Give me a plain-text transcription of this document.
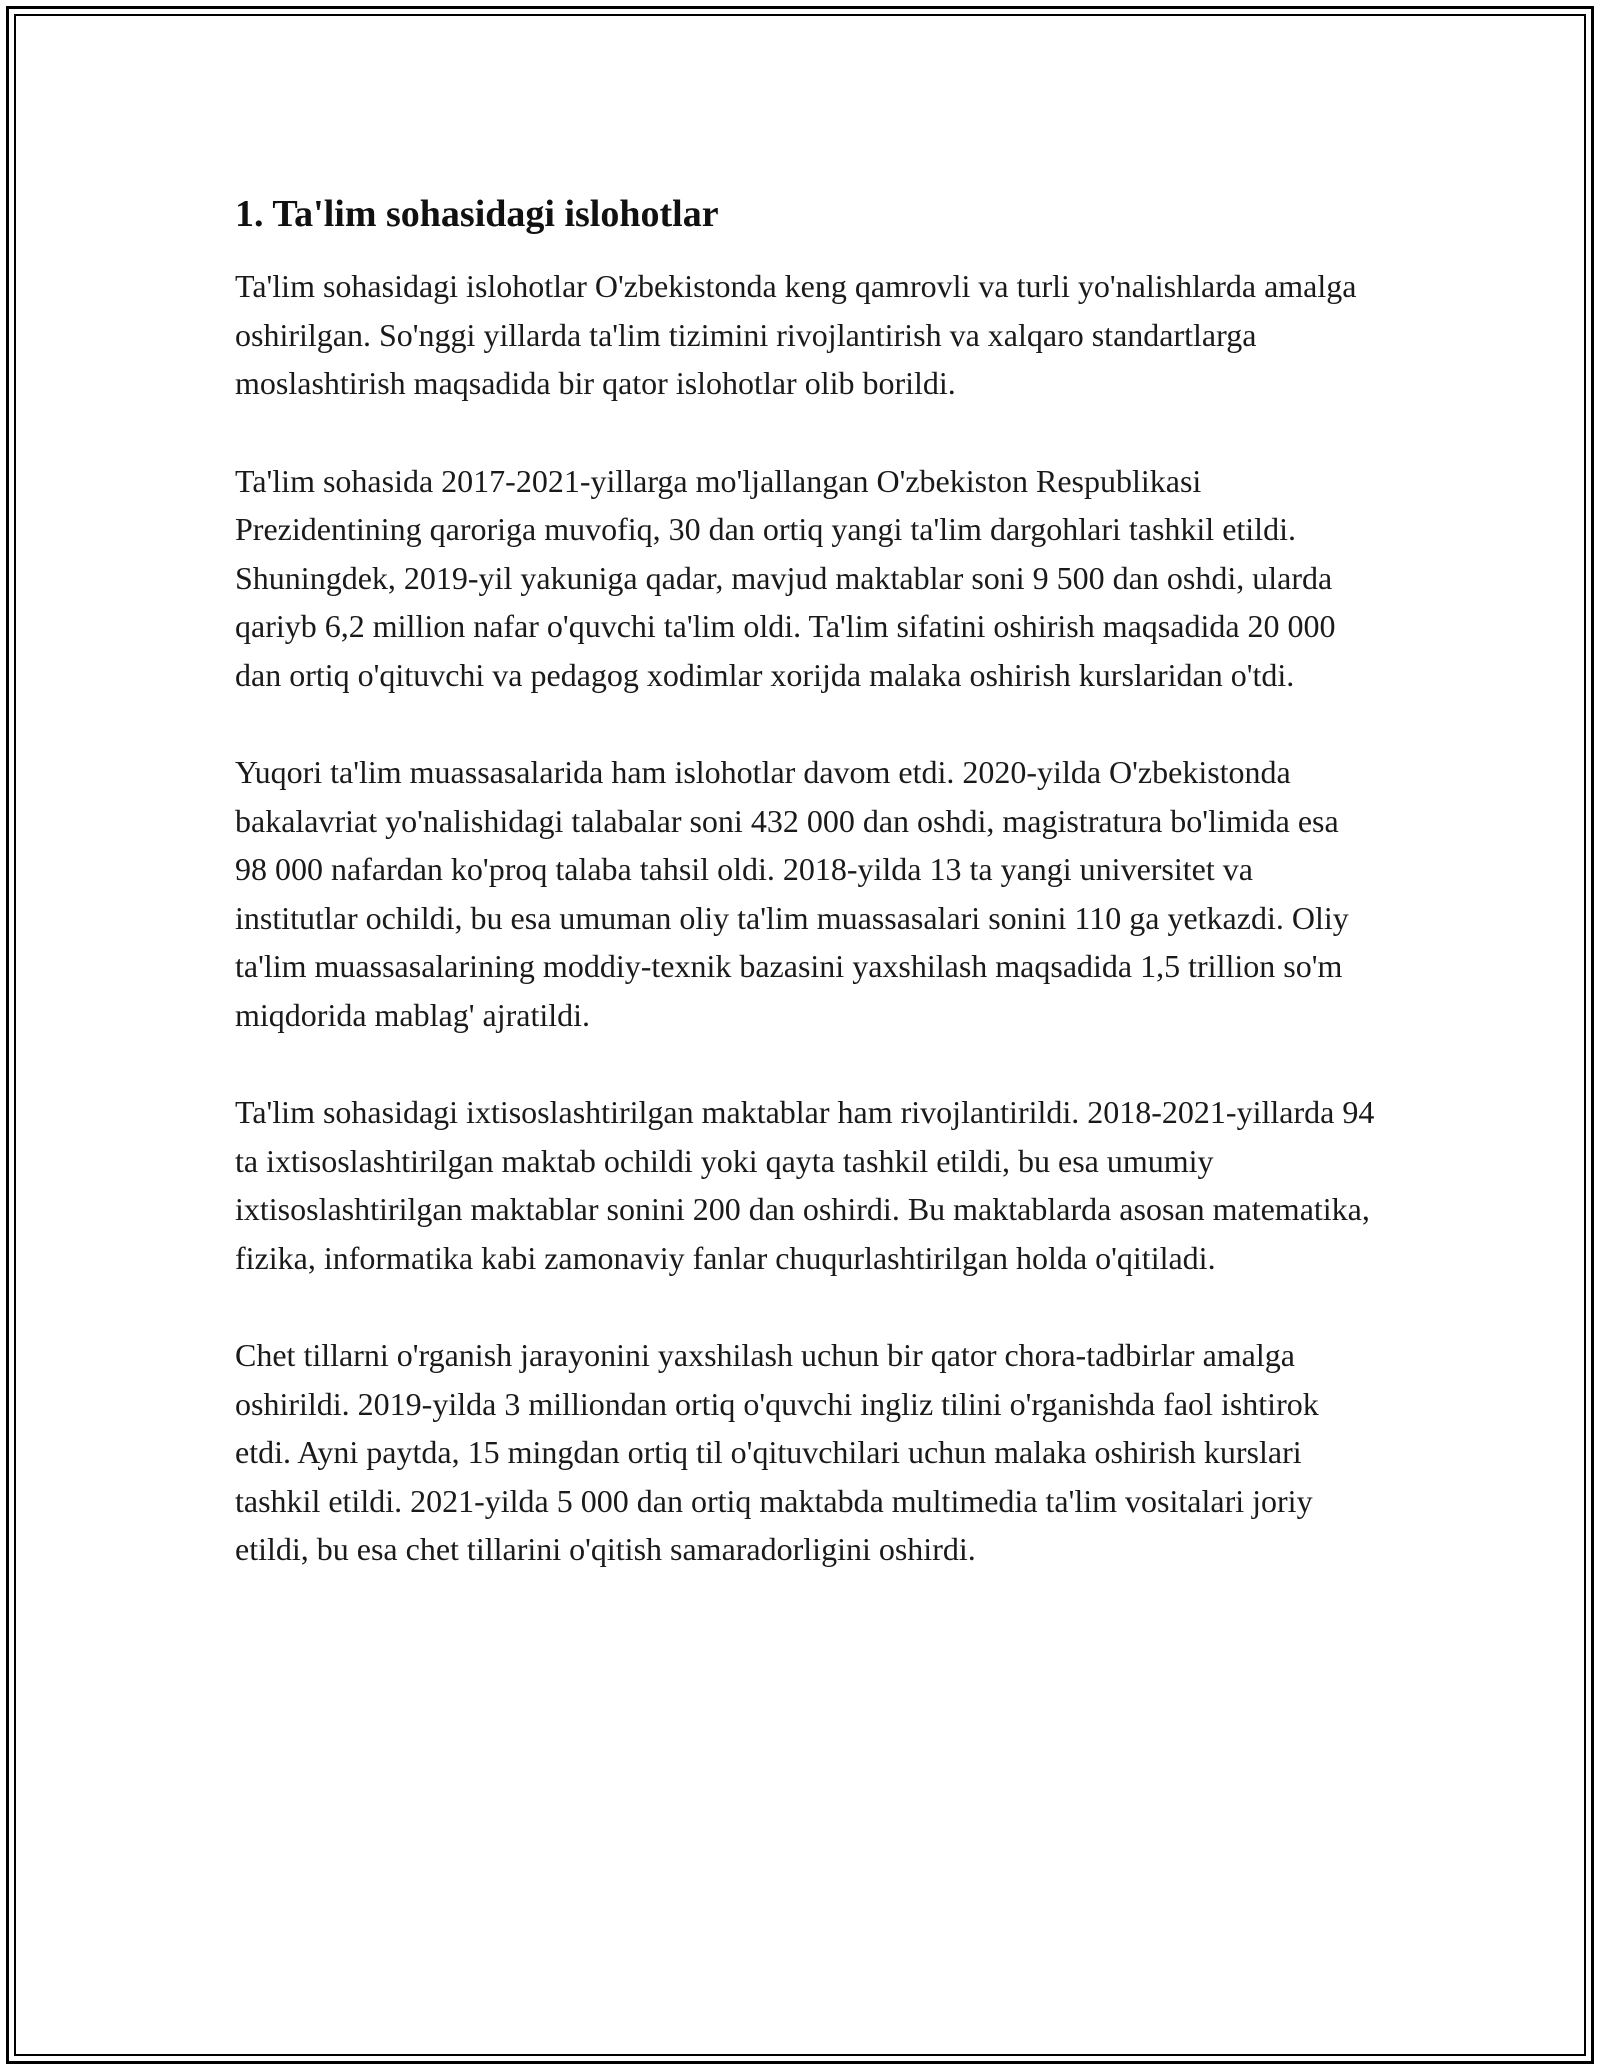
1. Ta'lim sohasidagi islohotlar

Ta'lim sohasidagi islohotlar O'zbekistonda keng qamrovli va turli yo'nalishlarda amalga oshirilgan. So'nggi yillarda ta'lim tizimini rivojlantirish va xalqaro standartlarga moslashtirish maqsadida bir qator islohotlar olib borildi.

Ta'lim sohasida 2017-2021-yillarga mo'ljallangan O'zbekiston Respublikasi Prezidentining qaroriga muvofiq, 30 dan ortiq yangi ta'lim dargohlari tashkil etildi. Shuningdek, 2019-yil yakuniga qadar, mavjud maktablar soni 9 500 dan oshdi, ularda qariyb 6,2 million nafar o'quvchi ta'lim oldi. Ta'lim sifatini oshirish maqsadida 20 000 dan ortiq o'qituvchi va pedagog xodimlar xorijda malaka oshirish kurslaridan o'tdi.

Yuqori ta'lim muassasalarida ham islohotlar davom etdi. 2020-yilda O'zbekistonda bakalavriat yo'nalishidagi talabalar soni 432 000 dan oshdi, magistratura bo'limida esa 98 000 nafardan ko'proq talaba tahsil oldi. 2018-yilda 13 ta yangi universitet va institutlar ochildi, bu esa umuman oliy ta'lim muassasalari sonini 110 ga yetkazdi. Oliy ta'lim muassasalarining moddiy-texnik bazasini yaxshilash maqsadida 1,5 trillion so'm miqdorida mablag' ajratildi.

Ta'lim sohasidagi ixtisoslashtirilgan maktablar ham rivojlantirildi. 2018-2021-yillarda 94 ta ixtisoslashtirilgan maktab ochildi yoki qayta tashkil etildi, bu esa umumiy ixtisoslashtirilgan maktablar sonini 200 dan oshirdi. Bu maktablarda asosan matematika, fizika, informatika kabi zamonaviy fanlar chuqurlashtirilgan holda o'qitiladi.

Chet tillarni o'rganish jarayonini yaxshilash uchun bir qator chora-tadbirlar amalga oshirildi. 2019-yilda 3 milliondan ortiq o'quvchi ingliz tilini o'rganishda faol ishtirok etdi. Ayni paytda, 15 mingdan ortiq til o'qituvchilari uchun malaka oshirish kurslari tashkil etildi. 2021-yilda 5 000 dan ortiq maktabda multimedia ta'lim vositalari joriy etildi, bu esa chet tillarini o'qitish samaradorligini oshirdi.
